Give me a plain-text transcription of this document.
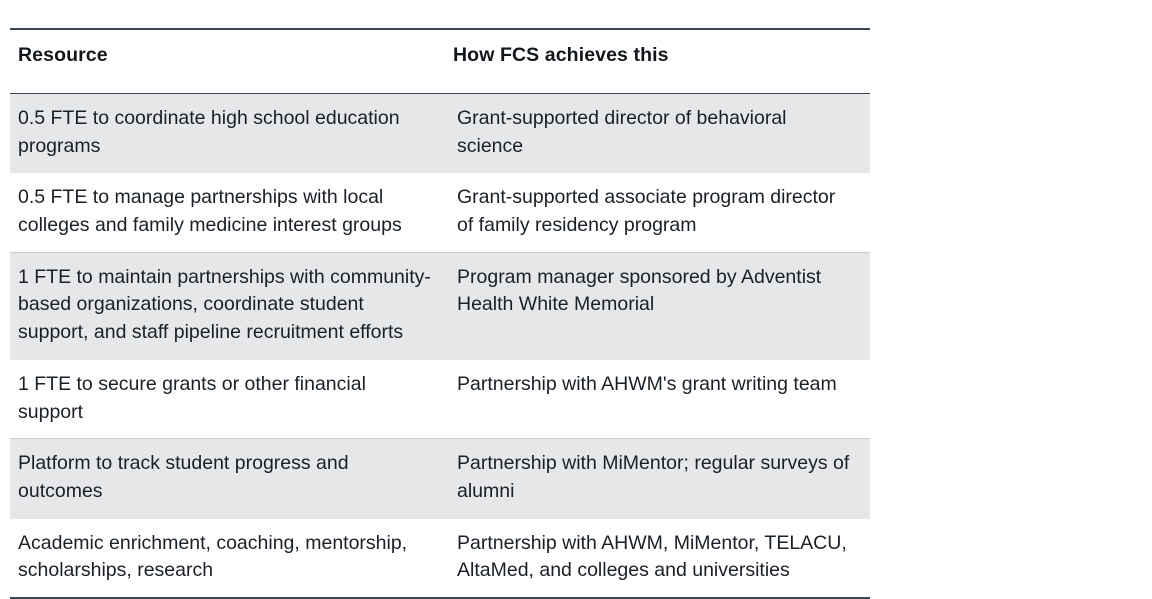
Resource	How FCS achieves this
0.5 FTE to coordinate high school education programs	Grant-supported director of behavioral science
0.5 FTE to manage partnerships with local colleges and family medicine interest groups	Grant-supported associate program director of family residency program
1 FTE to maintain partnerships with community-based organizations, coordinate student support, and staff pipeline recruitment efforts	Program manager sponsored by Adventist Health White Memorial
1 FTE to secure grants or other financial support	Partnership with AHWM's grant writing team
Platform to track student progress and outcomes	Partnership with MiMentor; regular surveys of alumni
Academic enrichment, coaching, mentorship, scholarships, research	Partnership with AHWM, MiMentor, TELACU, AltaMed, and colleges and universities
